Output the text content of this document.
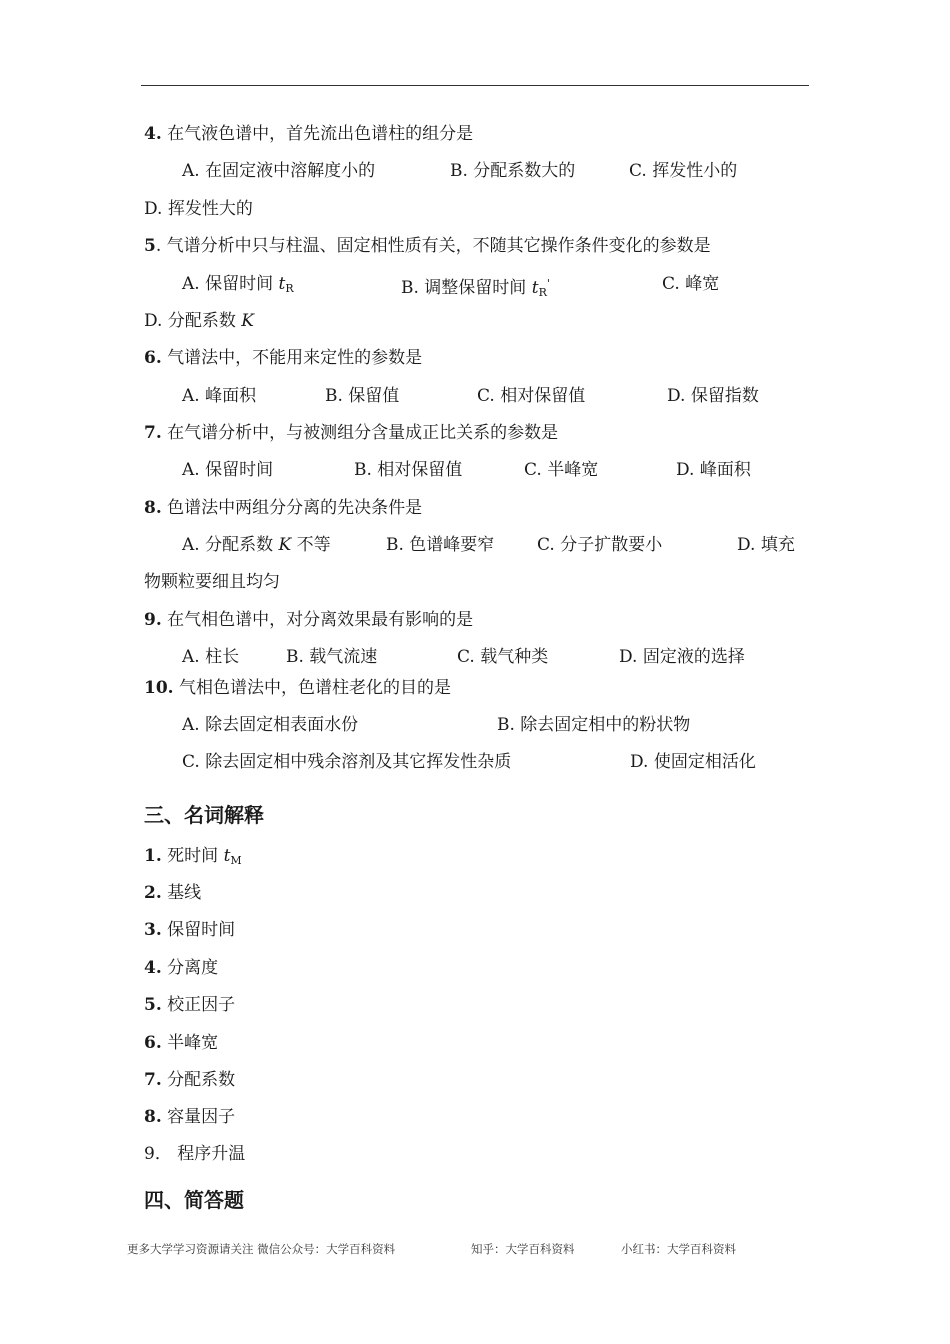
4. 在气液色谱中，首先流出色谱柱的组分是
A. 在固定液中溶解度小的	B. 分配系数大的	C. 挥发性小的
D. 挥发性大的
5. 气谱分析中只与柱温、固定相性质有关，不随其它操作条件变化的参数是
A. 保留时间 $t_R$	B. 调整保留时间 $t_R'$	C. 峰宽
D. 分配系数 K
6. 气谱法中，不能用来定性的参数是
A. 峰面积	B. 保留值	C. 相对保留值	D. 保留指数
7. 在气谱分析中，与被测组分含量成正比关系的参数是
A. 保留时间	B. 相对保留值	C. 半峰宽	D. 峰面积
8. 色谱法中两组分分离的先决条件是
A. 分配系数 K 不等	B. 色谱峰要窄	C. 分子扩散要小	D. 填充
物颗粒要细且均匀
9. 在气相色谱中，对分离效果最有影响的是
A. 柱长	B. 载气流速	C. 载气种类	D. 固定液的选择
10. 气相色谱法中，色谱柱老化的目的是
A. 除去固定相表面水份	B. 除去固定相中的粉状物
C. 除去固定相中残余溶剂及其它挥发性杂质	D. 使固定相活化
三、名词解释
1. 死时间 $t_M$
2. 基线
3. 保留时间
4. 分离度
5. 校正因子
6. 半峰宽
7. 分配系数
8. 容量因子
9． 程序升温
四、简答题
更多大学学习资源请关注 微信公众号：大学百科资料	知乎：大学百科资料	小红书：大学百科资料
